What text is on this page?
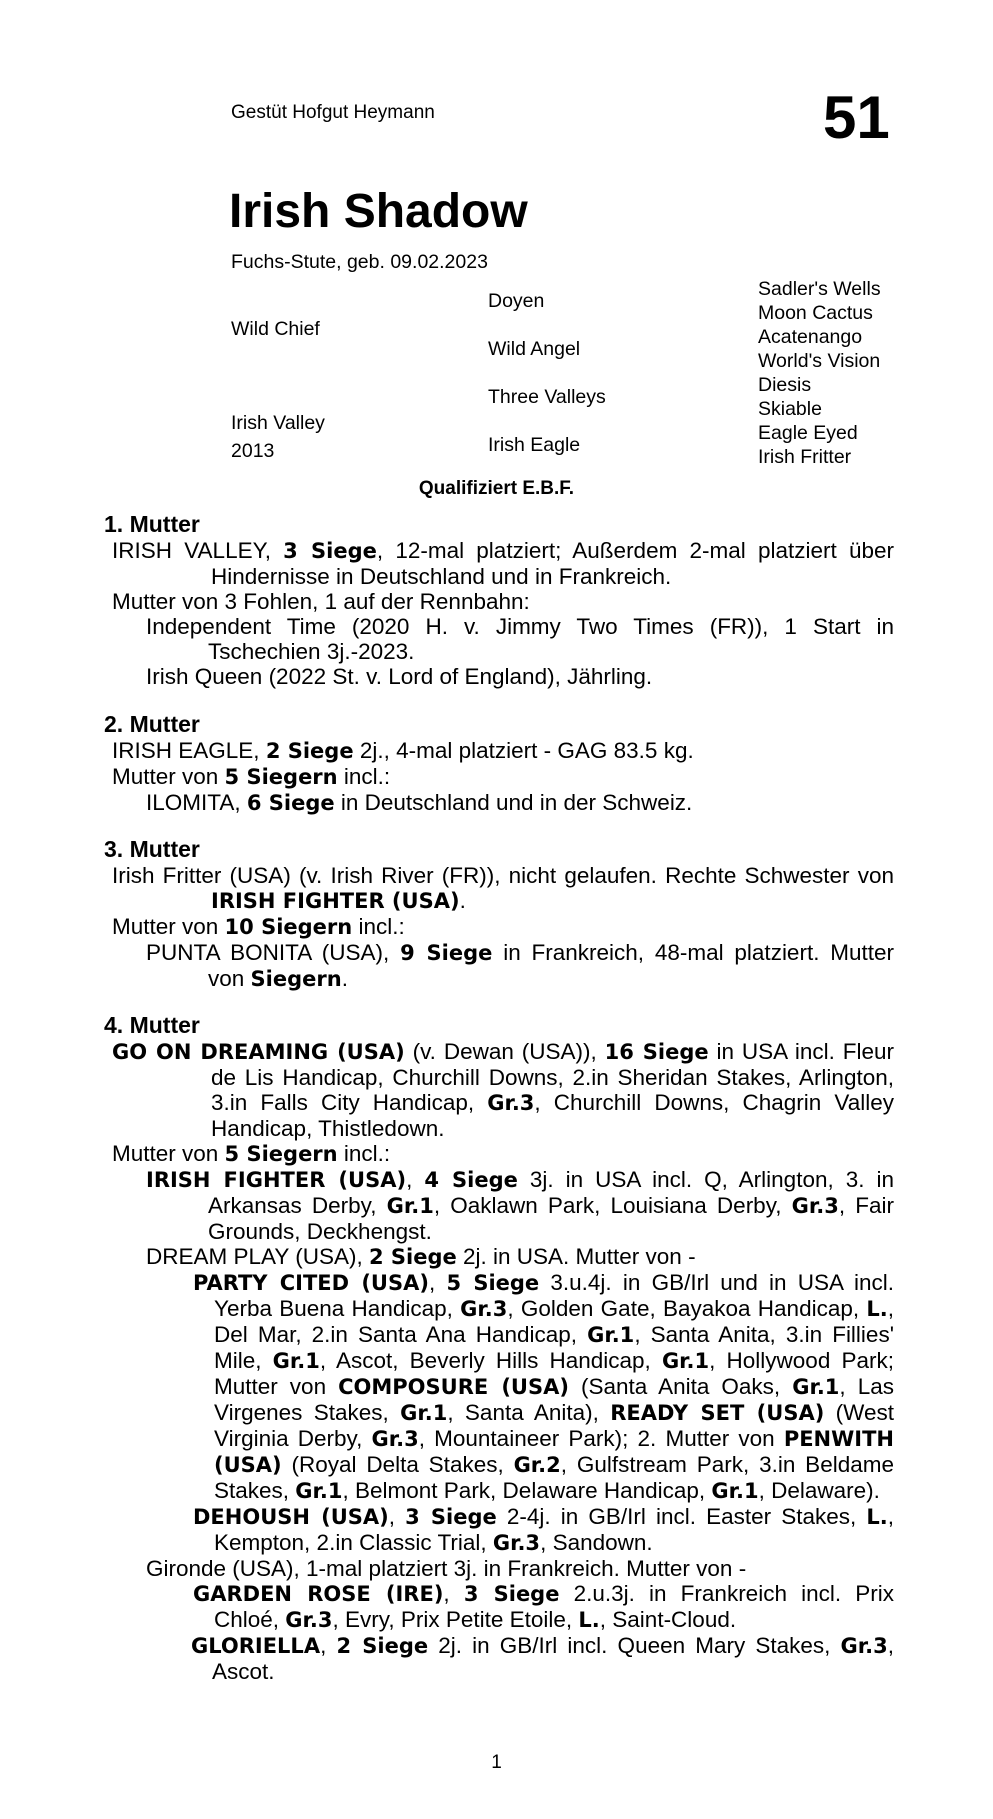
Gestüt Hofgut Heymann	51
Irish Shadow
Fuchs-Stute, geb. 09.02.2023
Wild Chief
Irish Valley
2013
Doyen
Wild Angel
Three Valleys
Irish Eagle
Sadler's Wells
Moon Cactus
Acatenango
World's Vision
Diesis
Skiable
Eagle Eyed
Irish Fritter
Qualifiziert E.B.F.
1. Mutter
IRISH VALLEY, 3 Siege, 12-mal platziert; Außerdem 2-mal platziert über Hindernisse in Deutschland und in Frankreich.
Mutter von 3 Fohlen, 1 auf der Rennbahn:
Independent Time (2020 H. v. Jimmy Two Times (FR)), 1 Start in Tschechien 3j.-2023.
Irish Queen (2022 St. v. Lord of England), Jährling.
2. Mutter
IRISH EAGLE, 2 Siege 2j., 4-mal platziert - GAG 83.5 kg.
Mutter von 5 Siegern incl.:
ILOMITA, 6 Siege in Deutschland und in der Schweiz.
3. Mutter
Irish Fritter (USA) (v. Irish River (FR)), nicht gelaufen. Rechte Schwester von IRISH FIGHTER (USA).
Mutter von 10 Siegern incl.:
PUNTA BONITA (USA), 9 Siege in Frankreich, 48-mal platziert. Mutter von Siegern.
4. Mutter
GO ON DREAMING (USA) (v. Dewan (USA)), 16 Siege in USA incl. Fleur de Lis Handicap, Churchill Downs, 2.in Sheridan Stakes, Arlington, 3.in Falls City Handicap, Gr.3, Churchill Downs, Chagrin Valley Handicap, Thistledown.
Mutter von 5 Siegern incl.:
IRISH FIGHTER (USA), 4 Siege 3j. in USA incl. Q, Arlington, 3. in Arkansas Derby, Gr.1, Oaklawn Park, Louisiana Derby, Gr.3, Fair Grounds, Deckhengst.
DREAM PLAY (USA), 2 Siege 2j. in USA. Mutter von -
PARTY CITED (USA), 5 Siege 3.u.4j. in GB/Irl und in USA incl. Yerba Buena Handicap, Gr.3, Golden Gate, Bayakoa Handicap, L., Del Mar, 2.in Santa Ana Handicap, Gr.1, Santa Anita, 3.in Fillies' Mile, Gr.1, Ascot, Beverly Hills Handicap, Gr.1, Hollywood Park; Mutter von COMPOSURE (USA) (Santa Anita Oaks, Gr.1, Las Virgenes Stakes, Gr.1, Santa Anita), READY SET (USA) (West Virginia Derby, Gr.3, Mountaineer Park); 2. Mutter von PENWITH (USA) (Royal Delta Stakes, Gr.2, Gulfstream Park, 3.in Beldame Stakes, Gr.1, Belmont Park, Delaware Handicap, Gr.1, Delaware).
DEHOUSH (USA), 3 Siege 2-4j. in GB/Irl incl. Easter Stakes, L., Kempton, 2.in Classic Trial, Gr.3, Sandown.
Gironde (USA), 1-mal platziert 3j. in Frankreich. Mutter von -
GARDEN ROSE (IRE), 3 Siege 2.u.3j. in Frankreich incl. Prix Chloé, Gr.3, Evry, Prix Petite Etoile, L., Saint-Cloud.
GLORIELLA, 2 Siege 2j. in GB/Irl incl. Queen Mary Stakes, Gr.3, Ascot.
1
